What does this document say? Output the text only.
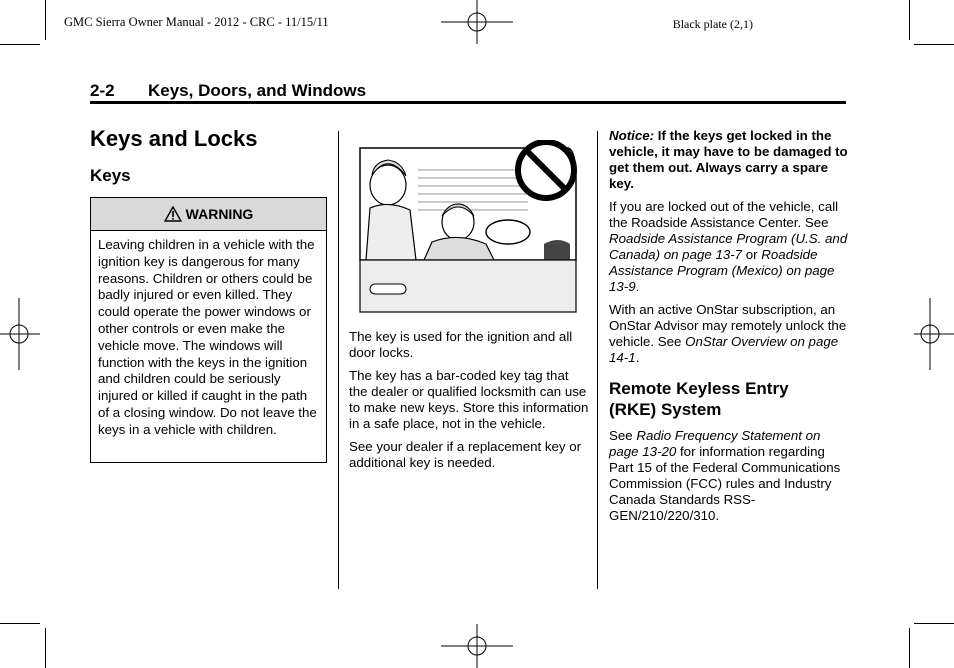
GMC Sierra Owner Manual - 2012 - CRC - 11/15/11	Black plate (2,1)
2-2 Keys, Doors, and Windows
Keys and Locks
Keys
WARNING
Leaving children in a vehicle with the ignition key is dangerous for many reasons. Children or others could be badly injured or even killed. They could operate the power windows or other controls or even make the vehicle move. The windows will function with the keys in the ignition and children could be seriously injured or killed if caught in the path of a closing window. Do not leave the keys in a vehicle with children.

The key is used for the ignition and all door locks.

The key has a bar-coded key tag that the dealer or qualified locksmith can use to make new keys. Store this information in a safe place, not in the vehicle.

See your dealer if a replacement key or additional key is needed.

Notice: If the keys get locked in the vehicle, it may have to be damaged to get them out. Always carry a spare key.

If you are locked out of the vehicle, call the Roadside Assistance Center. See Roadside Assistance Program (U.S. and Canada) on page 13-7 or Roadside Assistance Program (Mexico) on page 13-9.

With an active OnStar subscription, an OnStar Advisor may remotely unlock the vehicle. See OnStar Overview on page 14-1.

Remote Keyless Entry (RKE) System

See Radio Frequency Statement on page 13-20 for information regarding Part 15 of the Federal Communications Commission (FCC) rules and Industry Canada Standards RSS-GEN/210/220/310.
